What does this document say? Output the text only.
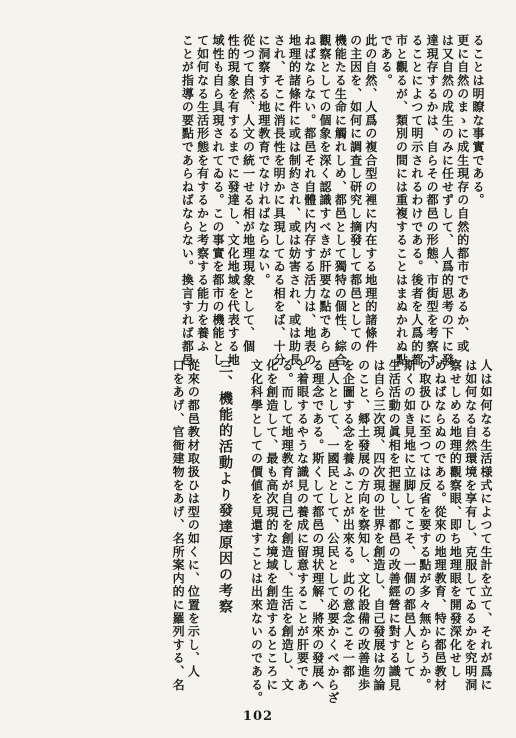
ることは明瞭な事實である。
更に自然のまゝに成生現存の自然的都市であるか、或
は又自然の成生のみに任せずして、人爲的思考の下に發
達現存するかは、自らその都邑の形態、市街型を考察す
ることによつて明示されるわけである。後者を人爲的都
市と觀るが、類別の間には重複することはまぬかれぬ點
である。
此の自然、人爲の複合型の裡に内在する地理的諸條件
の主因を、如何に調査し研究し摘發して都邑としての
機能たる生命に觸れしめ、都邑として獨特の個性、綜合
觀察としての個象を深く認識すべきが肝要な點であら
ねばならない。都邑それ自體に内存する活力は、地表の
地理的諸條件に或は制約され、或は妨害され、或は助長
され、そこに消長性を明かに具現してゐる相をば、十分
に洞察する地理教育でなければならない。
從つて自然、人文の統一せる相が地理現象として、個
性的現象を有するまでに發達し、文化地域を代表する地
域性も自ら具現されてゐる。この事實を都市の機能とし
て如何なる生活形態を有するかと考察する能力を養ふ
ことが指導の要點であらねばならない。換言すれば都邑
人は如何なる生活様式によつて生計を立て、それが爲に
は如何なる自然環境を享有し、克服してゐるかを究明洞
察せしめる地理的觀察眼、即ち地理眼を開發深化せし
めねばならぬのである。從來の地理教育、特に都邑教材
の取扱ひに至つては反省を要する點が多々無からうか。
斯くの如き見地に立脚してこそ、一個の都邑人として
生活活動の眞相を把握し、都邑の改善經營に對する識見
は自ら三次現、四次現の世界を創造し、自己發展は勿論
のこと、郷土發展の方向を察知し、文化設備の改善進歩
を企圖する念を養ふことが出來る。此の意念こそ一都
邑人として、一國民として、公民として必要かくべからざ
る理念である。斯くして都邑の現状理解、將來の發展へ
と着眼するやうな識見の養成に留意することが肝要であ
る。而して地理教育が自己を創造し、生活を創造し、文
化を創造して、最も高次現的な境域を創造するところに
文化科學としての價値を見還すことは出來ないのである。
三、機能的活動より發達原因の考察
從來の都邑教材取扱ひは型の如くに、位置を示し、人
口をあげ、官衙建物をあげ、名所案内的に羅列する、名
102
